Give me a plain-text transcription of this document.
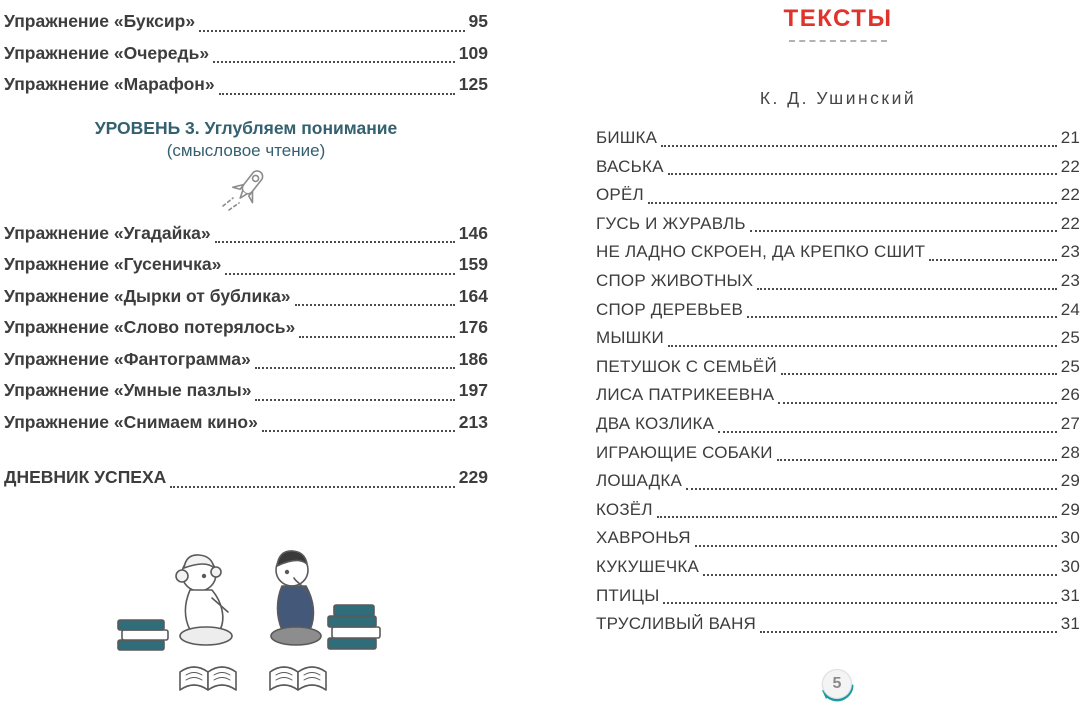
Упражнение «Буксир»	95
Упражнение «Очередь»	109
Упражнение «Марафон»	125
УРОВЕНЬ 3. Углубляем понимание
(смысловое чтение)
Упражнение «Угадайка»	146
Упражнение «Гусеничка»	159
Упражнение «Дырки от бублика»	164
Упражнение «Слово потерялось»	176
Упражнение «Фантограмма»	186
Упражнение «Умные пазлы»	197
Упражнение «Снимаем кино»	213
ДНЕВНИК УСПЕХА	229
ТЕКСТЫ
К. Д. Ушинский
БИШКА	21
ВАСЬКА	22
ОРЁЛ	22
ГУСЬ И ЖУРАВЛЬ	22
НЕ ЛАДНО СКРОЕН, ДА КРЕПКО СШИТ	23
СПОР ЖИВОТНЫХ	23
СПОР ДЕРЕВЬЕВ	24
МЫШКИ	25
ПЕТУШОК С СЕМЬЁЙ	25
ЛИСА ПАТРИКЕЕВНА	26
ДВА КОЗЛИКА	27
ИГРАЮЩИЕ СОБАКИ	28
ЛОШАДКА	29
КОЗЁЛ	29
ХАВРОНЬЯ	30
КУКУШЕЧКА	30
ПТИЦЫ	31
ТРУСЛИВЫЙ ВАНЯ	31
5
